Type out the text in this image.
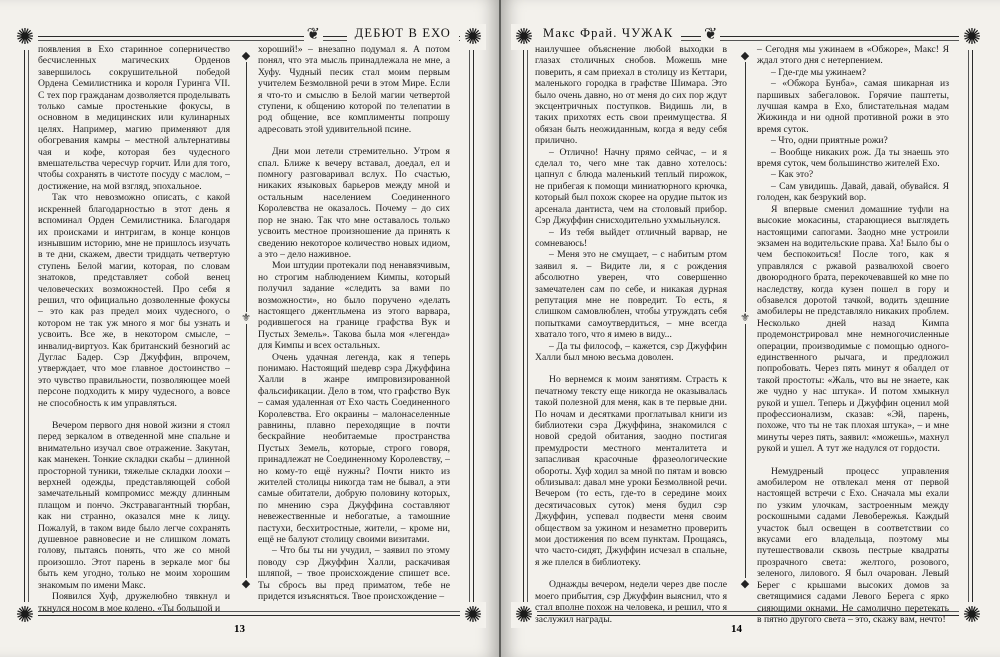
✺	✺
✺	✺
❦	ДЕБЮТ В ЕХО

появления в Ехо старинное соперничество бесчисленных магических Орденов завершилось сокрушительной победой Ордена Семилистника и короля Гуринга VII. С тех пор гражданам дозволяется проделывать только самые простенькие фокусы, в основном в медицинских или кулинарных целях. Например, магию применяют для обогревания камры – местной альтернативы чая и кофе, которая без чудесного вмешательства чересчур горчит. Или для того, чтобы сохранять в чистоте посуду с маслом, – достижение, на мой взгляд, эпохальное.

Так что невозможно описать, с какой искренней благодарностью в этот день я вспоминал Орден Семилистника. Благодаря их происками и интригам, в конце концов изнывшим историю, мне не пришлось изучать в те дни, скажем, двести тридцать четвертую ступень Белой магии, которая, по словам знатоков, представляет собой венец человеческих возможностей. Про себя я решил, что официально дозволенные фокусы – это как раз предел моих чудесного, о котором не так уж много я мог бы узнать и усвоить. Все же, в некотором смысле, – инвалид-виртуоз. Как британский безногий ас Дуглас Бадер. Сэр Джуффин, впрочем, утверждает, что мое главное достоинство – это чувство правильности, позволяющее моей персоне подходить к миру чудесного, а вовсе не способность к им управляться.

Вечером первого дня новой жизни я стоял перед зеркалом в отведенной мне спальне и внимательно изучал свое отражение. Закутан, как манекен. Тонкие складки скабы – длинной просторной туники, тяжелые складки лоохи – верхней одежды, представляющей собой замечательный компромисс между длинным плащом и пончо. Экстравагантный тюрбан, как ни странно, оказался мне к лицу. Пожалуй, в таком виде было легче сохранять душевное равновесие и не слишком ломать голову, пытаясь понять, что же со мной произошло. Этот парень в зеркале мог бы быть кем угодно, только не моим хорошим знакомым по имени Макс.

Появился Хуф, дружелюбно тявкнул и ткнулся носом в мое колено. «Ты большой и

◆
⚜
◆

хороший!» – внезапно подумал я. А потом понял, что эта мысль принадлежала не мне, а Хуфу. Чудный песик стал моим первым учителем Безмолвной речи в этом Мире. Если я что-то и смыслю в Белой магии четвертой ступени, к общению которой по телепатии в род общение, все комплименты попрошу адресовать этой удивительной псине.

Дни мои летели стремительно. Утром я спал. Ближе к вечеру вставал, доедал, ел и помногу разговаривал вслух. По счастью, никаких языковых барьеров между мной и остальным населением Соединенного Королевства не оказалось. Почему – до сих пор не знаю. Так что мне оставалось только усвоить местное произношение да принять к сведению некоторое количество новых идиом, а это – дело наживное.

Мои штудии протекали под ненавязчивым, но строгим наблюдением Кимпы, который получил задание «следить за вами по возможности», но было поручено «делать настоящего джентльмена из этого варвара, родившегося на границе графства Вук и Пустых Земель». Такова была моя «легенда» для Кимпы и всех остальных.

Очень удачная легенда, как я теперь понимаю. Настоящий шедевр сэра Джуффина Халли в жанре импровизированной фальсификации. Дело в том, что графство Вук – самая удаленная от Ехо часть Соединенного Королевства. Его окраины – малонаселенные равнины, плавно переходящие в почти бескрайние необитаемые пространства Пустых Земель, которые, строго говоря, принадлежат не Соединенному Королевству, – но кому-то ещё нужны? Почти никто из жителей столицы никогда там не бывал, а эти самые обитатели, добрую половину которых, по мнению сэра Джуффина составляют невежественные и небогатые, а тамошние пастухи, бесхитростные, жители, – кроме ни, ещё не балуют столицу своими визитами.

– Что бы ты ни учудил, – заявил по этому поводу сэр Джуффин Халли, раскачивая шляпой, – твое происхождение спишет все. Ты сбрось вы пред приматом, тебе не придется изъясняться. Твое происхождение –

13
✺	✺
✺	✺
❦
Макс Фрай. ЧУЖАК

наилучшее объяснение любой выходки в глазах столичных снобов. Можешь мне поверить, я сам приехал в столицу из Кеттари, маленького городка в графстве Шимара. Это было очень давно, но от меня до сих пор ждут эксцентричных поступков. Видишь ли, в таких прихотях есть свои преимущества. Я обязан быть неожиданным, когда я веду себя прилично.

– Отлично! Начну прямо сейчас, – и я сделал то, чего мне так давно хотелось: цапнул с блюда маленький теплый пирожок, не прибегая к помощи миниатюрного крючка, который был похож скорее на орудие пыток из арсенала дантиста, чем на столовый прибор. Сэр Джуффин снисходительно ухмыльнулся.

– Из тебя выйдет отличный варвар, не сомневаюсь!

– Меня это не смущает, – с набитым ртом заявил я. – Видите ли, я с рождения абсолютно уверен, что совершенно замечателен сам по себе, и никакая дурная репутация мне не повредит. То есть, я слишком самовлюблен, чтобы утруждать себя попытками самоутвердиться, – мне всегда хватало того, что я имею в виду...

– Да ты философ, – кажется, сэр Джуффин Халли был мною весьма доволен.

Но вернемся к моим занятиям. Страсть к печатному тексту еще никогда не оказывалась такой полезной для меня, как в те первые дни. По ночам и десятками проглатывал книги из библиотеки сэра Джуффина, знакомился с новой средой обитания, заодно постигая премудрости местного менталитета и запасливая красочные фразеологические обороты. Хуф ходил за мной по пятам и вовсю облизывал: давал мне уроки Безмолвной речи. Вечером (то есть, где-то в середине моих десятичасовых суток) меня будил сэр Джуффин, успевал подвести меня своим обществом за ужином и незаметно проверить мои достижения по всем пунктам. Прощаясь, что часто-сидят, Джуффин исчезал в спальне, я же плелся в библиотеку.

Однажды вечером, недели через две после моего прибытия, сэр Джуффин выяснил, что я стал вполне похож на человека, и решил, что я заслужил награды.

◆
⚜
◆

– Сегодня мы ужинаем в «Обжоре», Макс! Я ждал этого дня с нетерпением.

– Где-где мы ужинаем?

– «Обжора Бунба», самая шикарная из паршивых забегаловок. Горячие паштеты, лучшая камра в Ехо, блистательная мадам Жижинда и ни одной противной рожи в это время суток.

– Что, одни приятные рожи?

– Вообще никаких рож. Да ты знаешь это время суток, чем большинство жителей Ехо.

– Как это?

– Сам увидишь. Давай, давай, обувайся. Я голоден, как безрукий вор.

Я впервые сменил домашние туфли на высокие мокасины, старающиеся выглядеть настоящими сапогами. Заодно мне устроили экзамен на водительские права. Ха! Было бы о чем беспокоиться! После того, как я управлялся с ржавой развалюхой своего двоюродного брата, перекочевавшей ко мне по наследству, когда кузен пошел в гору и обзавелся доротой тачкой, водить здешние амобилеры не представляло никаких проблем. Несколько дней назад Кимпа продемонстрировал мне немногочисленные операции, производимые с помощью одного-единственного рычага, и предложил попробовать. Через пять минут я обалдел от такой простоты: «Жаль, что вы не знаете, как же чудно у нас штука». И потом хмыкнул рукой и ушел. Теперь и Джуффин оценил мой профессионализм, сказав: «Эй, парень, похоже, что ты не так плохая штука», – и мне минуты через пять, заявил: «можешь», махнул рукой и ушел. А тут же надулся от гордости.

Немудреный процесс управления амобилером не отвлекал меня от первой настоящей встречи с Ехо. Сначала мы ехали по узким улочкам, застроенным между роскошными садами Левобережья. Каждый участок был освещен в соответствии со вкусами его владельца, поэтому мы путешествовали сквозь пестрые квадраты прозрачного света: желтого, розового, зеленого, лилового. Я был очарован. Левый Берег с крышами высоких домов за светящимися садами Левого Берега с ярко сияющими окнами. Не самолично перетекать в пятно другого света – это, скажу вам, нечто!

14
